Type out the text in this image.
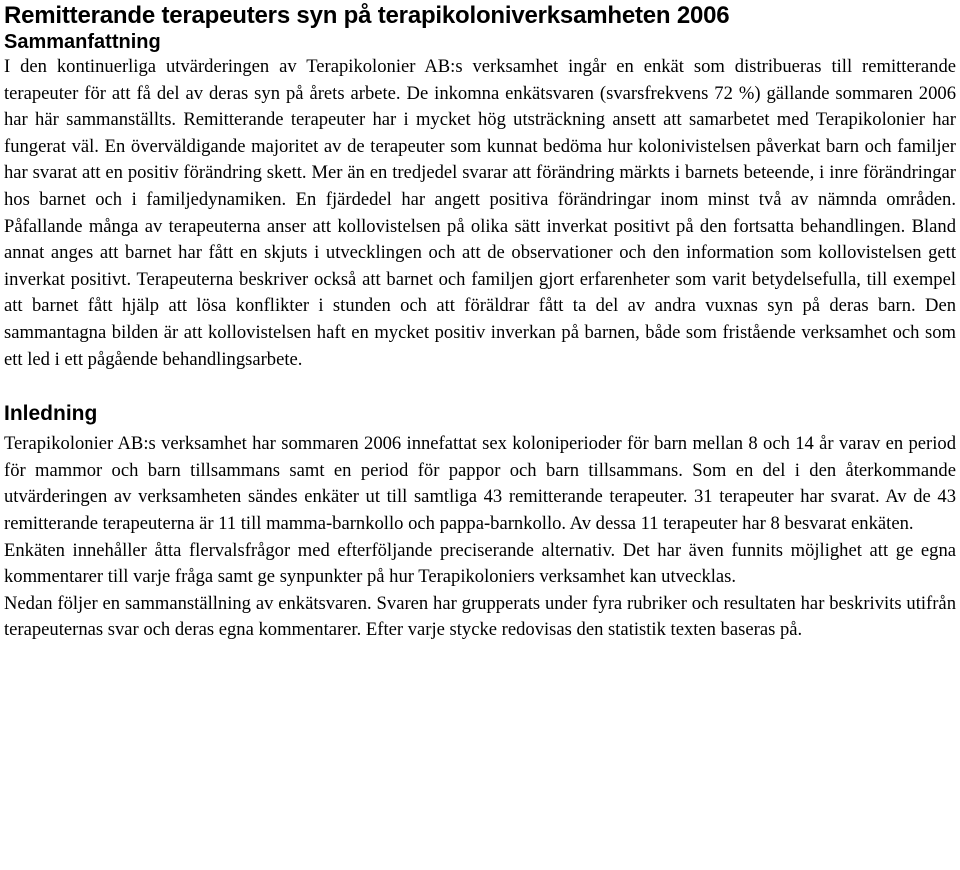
Remitterande terapeuters syn på terapikoloniverksamheten 2006
Sammanfattning

I den kontinuerliga utvärderingen av Terapikolonier AB:s verksamhet ingår en enkät som distribueras till remitterande terapeuter för att få del av deras syn på årets arbete. De inkomna enkätsvaren (svarsfrekvens 72 %) gällande sommaren 2006 har här sammanställts. Remitterande terapeuter har i mycket hög utsträckning ansett att samarbetet med Terapikolonier har fungerat väl. En överväldigande majoritet av de terapeuter som kunnat bedöma hur kolonivistelsen påverkat barn och familjer har svarat att en positiv förändring skett. Mer än en tredjedel svarar att förändring märkts i barnets beteende, i inre förändringar hos barnet och i familjedynamiken. En fjärdedel har angett positiva förändringar inom minst två av nämnda områden. Påfallande många av terapeuterna anser att kollovistelsen på olika sätt inverkat positivt på den fortsatta behandlingen. Bland annat anges att barnet har fått en skjuts i utvecklingen och att de observationer och den information som kollovistelsen gett inverkat positivt. Terapeuterna beskriver också att barnet och familjen gjort erfarenheter som varit betydelsefulla, till exempel att barnet fått hjälp att lösa konflikter i stunden och att föräldrar fått ta del av andra vuxnas syn på deras barn. Den sammantagna bilden är att kollovistelsen haft en mycket positiv inverkan på barnen, både som fristående verksamhet och som ett led i ett pågående behandlingsarbete.

Inledning

Terapikolonier AB:s verksamhet har sommaren 2006 innefattat sex koloniperioder för barn mellan 8 och 14 år varav en period för mammor och barn tillsammans samt en period för pappor och barn tillsammans. Som en del i den återkommande utvärderingen av verksamheten sändes enkäter ut till samtliga 43 remitterande terapeuter. 31 terapeuter har svarat. Av de 43 remitterande terapeuterna är 11 till mamma-barnkollo och pappa-barnkollo. Av dessa 11 terapeuter har 8 besvarat enkäten.

Enkäten innehåller åtta flervalsfrågor med efterföljande preciserande alternativ. Det har även funnits möjlighet att ge egna kommentarer till varje fråga samt ge synpunkter på hur Terapikoloniers verksamhet kan utvecklas.

Nedan följer en sammanställning av enkätsvaren. Svaren har grupperats under fyra rubriker och resultaten har beskrivits utifrån terapeuternas svar och deras egna kommentarer. Efter varje stycke redovisas den statistik texten baseras på.
